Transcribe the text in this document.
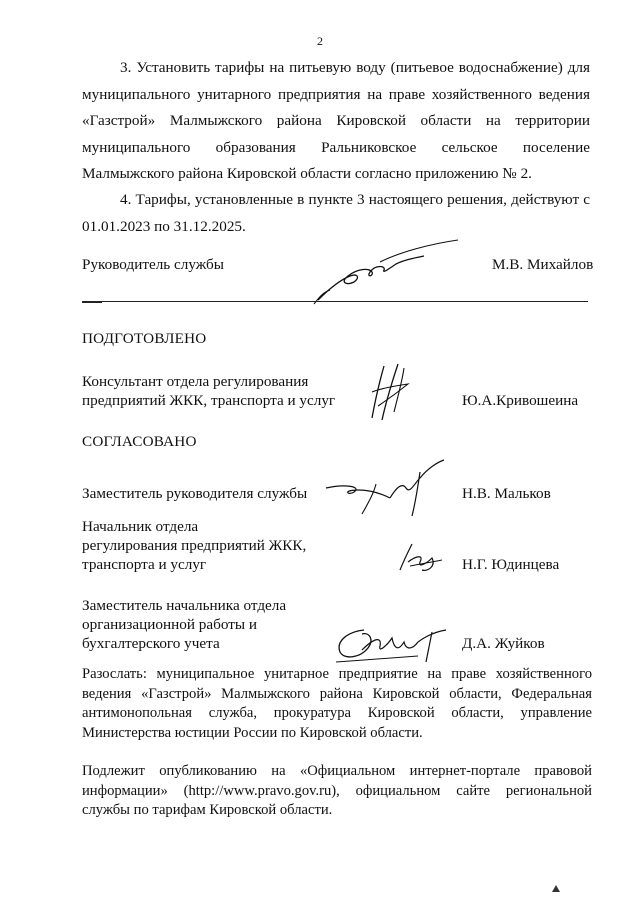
2

3. Установить тарифы на питьевую воду (питьевое водоснабжение) для муниципального унитарного предприятия на праве хозяйственного ведения «Газстрой» Малмыжского района Кировской области на территории муниципального образования Ральниковское сельское поселение Малмыжского района Кировской области согласно приложению № 2.

4. Тарифы, установленные в пункте 3 настоящего решения, действуют с 01.01.2023 по 31.12.2025.

Руководитель службы	М.В. Михайлов
ПОДГОТОВЛЕНО
Консультант отдела регулирования
предприятий ЖКК, транспорта и услуг	Ю.А.Кривошеина
СОГЛАСОВАНО
Заместитель руководителя службы	Н.В. Мальков
Начальник отдела
регулирования предприятий ЖКК,
транспорта и услуг	Н.Г. Юдинцева
Заместитель начальника отдела
организационной работы и
бухгалтерского учета	Д.А. Жуйков

Разослать: муниципальное унитарное предприятие на праве хозяйственного ведения «Газстрой» Малмыжского района Кировской области, Федеральная антимонопольная служба, прокуратура Кировской области, управление Министерства юстиции России по Кировской области.

Подлежит опубликованию на «Официальном интернет-портале правовой информации» (http://www.pravo.gov.ru), официальном сайте региональной службы по тарифам Кировской области.
